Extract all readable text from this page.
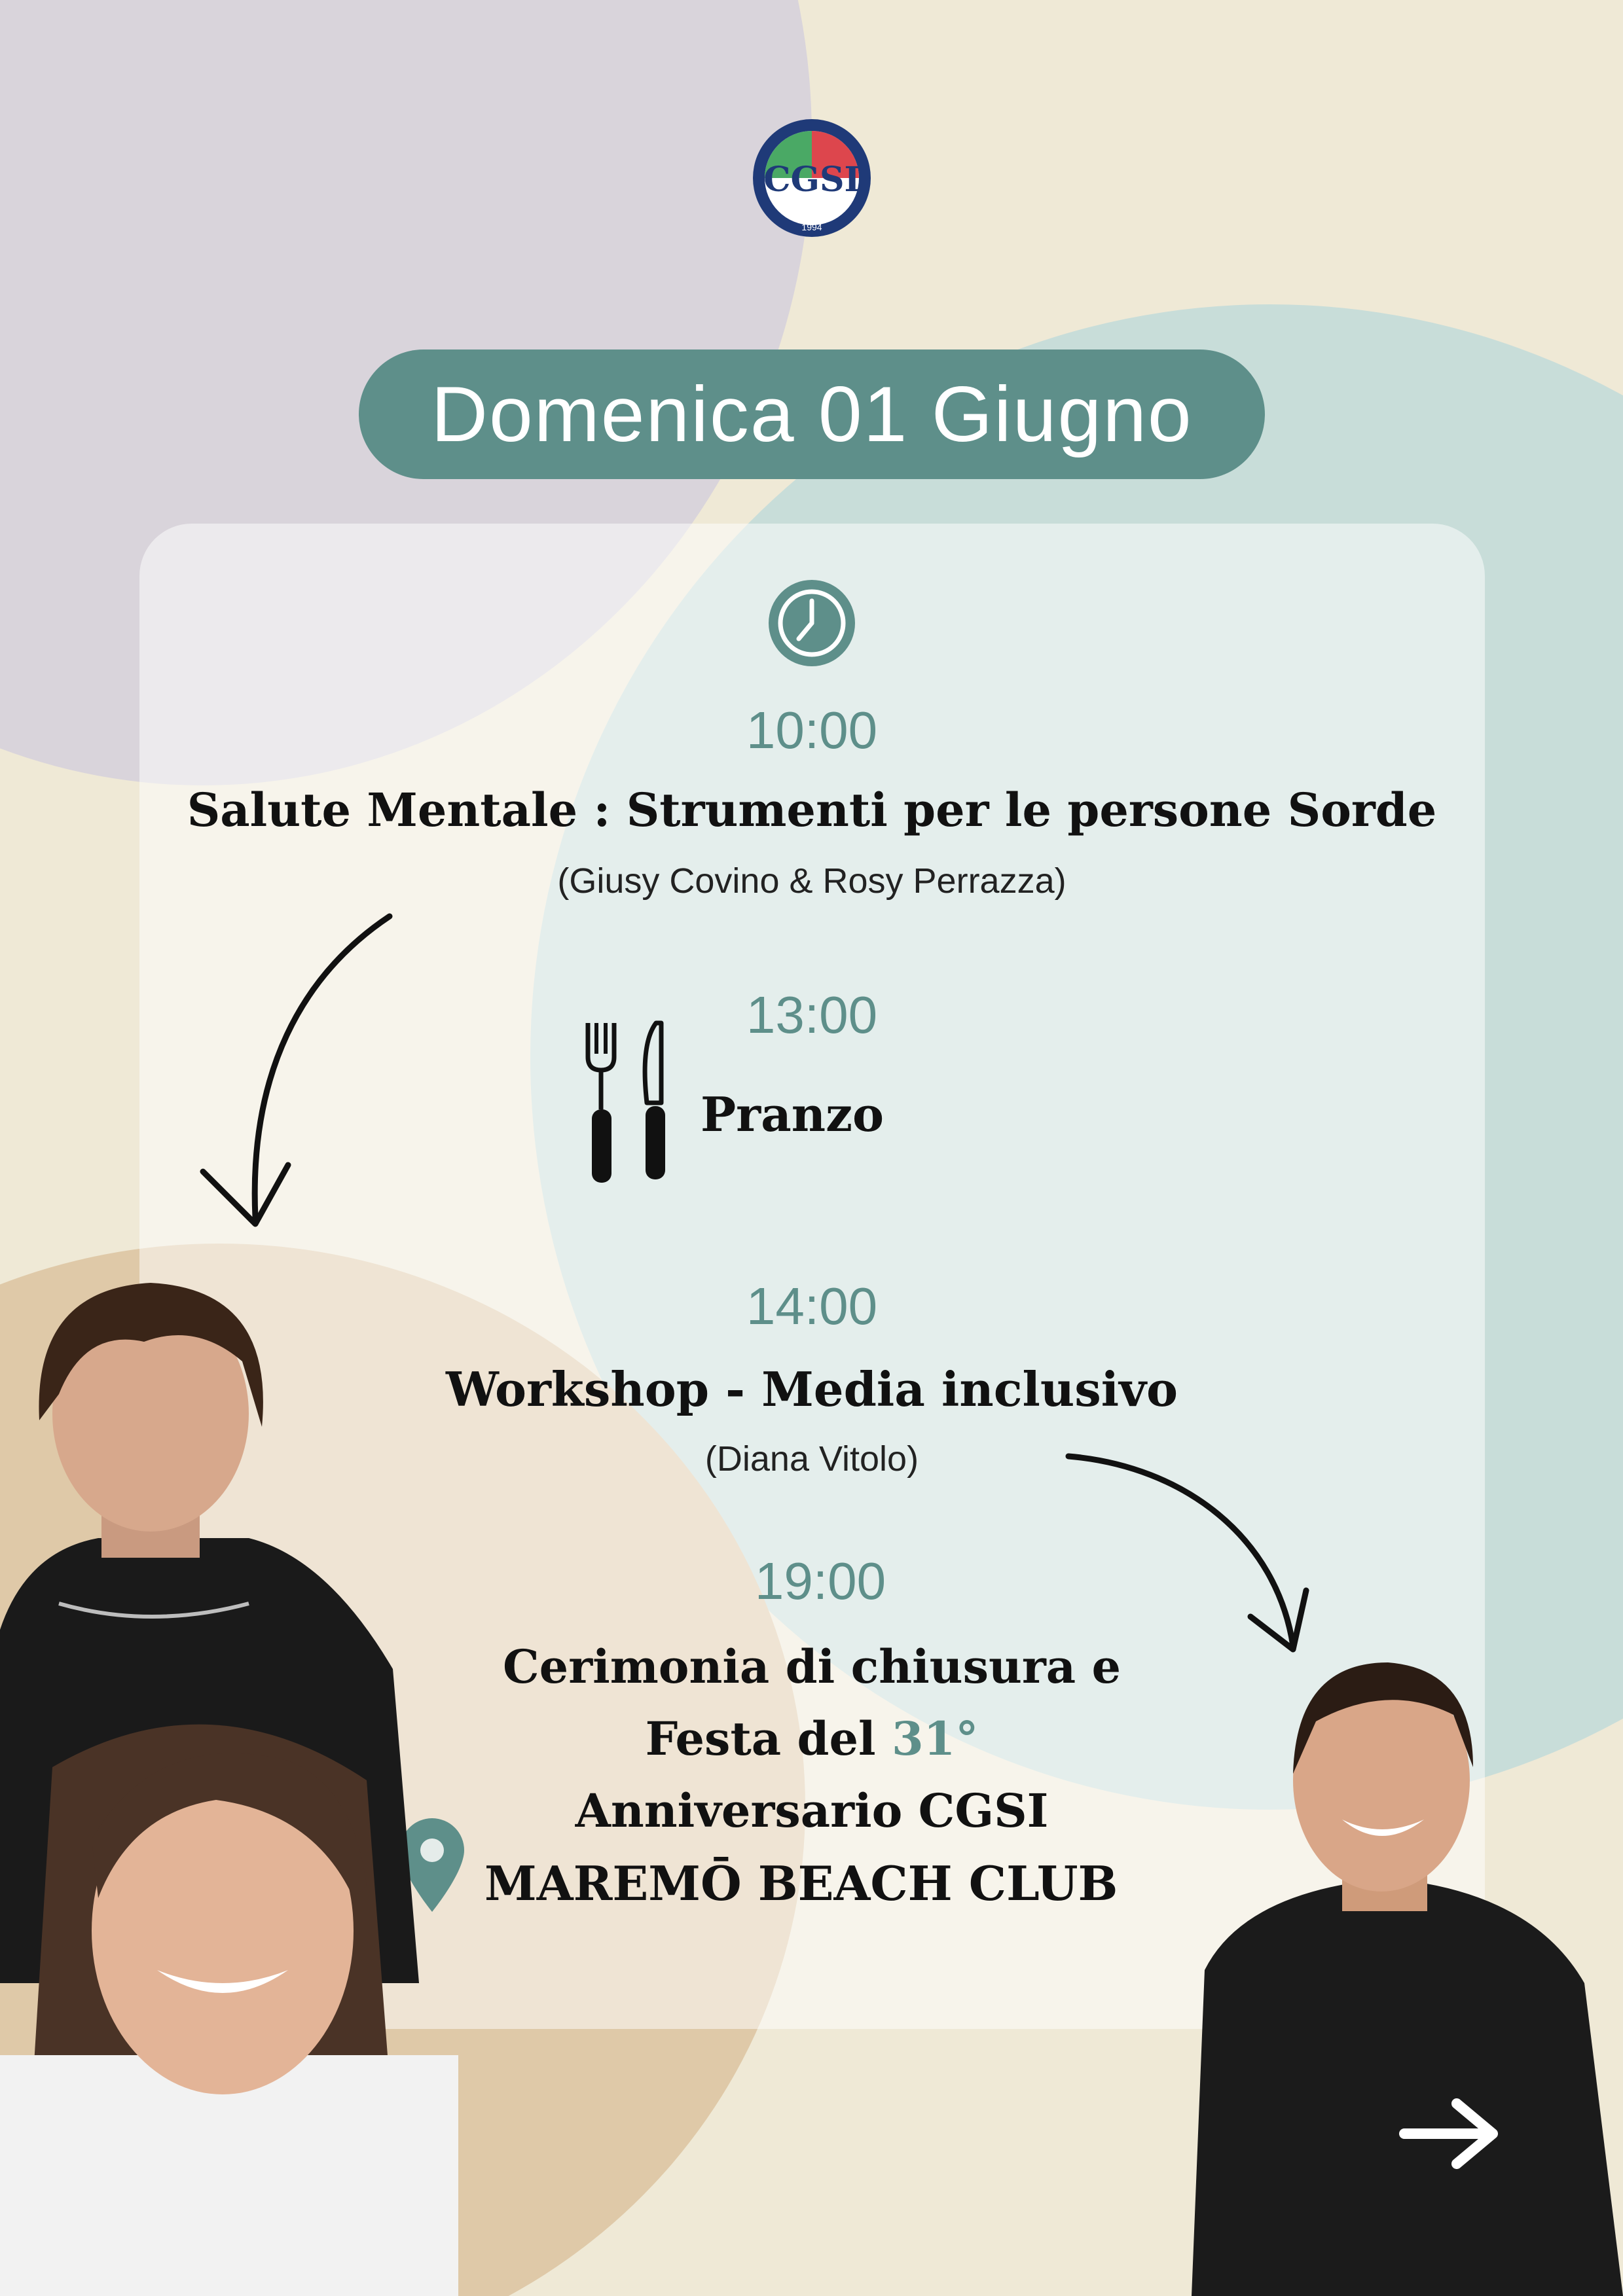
CGSI
1994
Domenica 01 Giugno
10:00
Salute Mentale : Strumenti per le persone Sorde
(Giusy Covino & Rosy Perrazza)
13:00
Pranzo
14:00
Workshop - Media inclusivo
(Diana Vitolo)
19:00
Cerimonia di chiusura e
Festa del 31°
Anniversario CGSI
MAREMŌ BEACH CLUB
